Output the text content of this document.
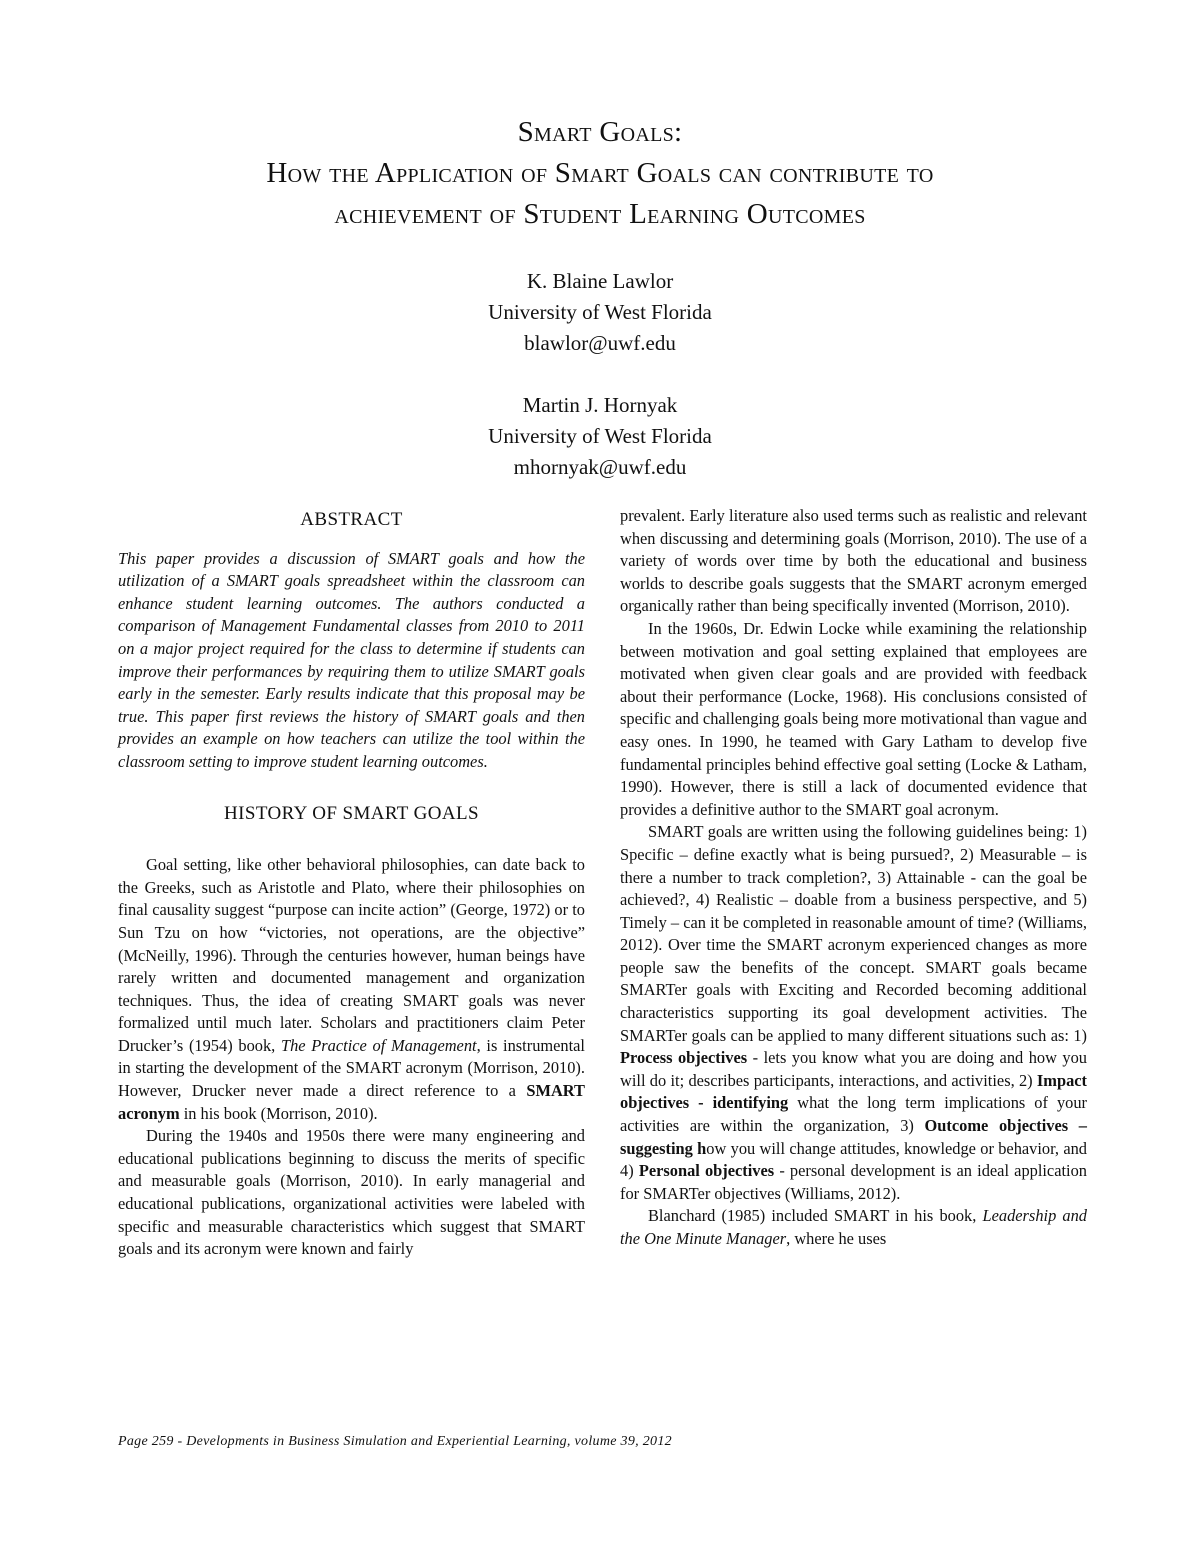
Smart Goals:
How the Application of Smart Goals can contribute to
achievement of Student Learning Outcomes
K. Blaine Lawlor
University of West Florida
blawlor@uwf.edu
Martin J. Hornyak
University of West Florida
mhornyak@uwf.edu
ABSTRACT

This paper provides a discussion of SMART goals and how the utilization of a SMART goals spreadsheet within the classroom can enhance student learning outcomes. The authors conducted a comparison of Management Fundamental classes from 2010 to 2011 on a major project required for the class to determine if students can improve their performances by requiring them to utilize SMART goals early in the semester. Early results indicate that this proposal may be true. This paper first reviews the history of SMART goals and then provides an example on how teachers can utilize the tool within the classroom setting to improve student learning outcomes.

HISTORY OF SMART GOALS

Goal setting, like other behavioral philosophies, can date back to the Greeks, such as Aristotle and Plato, where their philosophies on final causality suggest “purpose can incite action” (George, 1972) or to Sun Tzu on how “victories, not operations, are the objective” (McNeilly, 1996). Through the centuries however, human beings have rarely written and documented management and organization techniques. Thus, the idea of creating SMART goals was never formalized until much later. Scholars and practitioners claim Peter Drucker’s (1954) book, The Practice of Management, is instrumental in starting the development of the SMART acronym (Morrison, 2010). However, Drucker never made a direct reference to a SMART acronym in his book (Morrison, 2010).

During the 1940s and 1950s there were many engineering and educational publications beginning to discuss the merits of specific and measurable goals (Morrison, 2010). In early managerial and educational publications, organizational activities were labeled with specific and measurable characteristics which suggest that SMART goals and its acronym were known and fairly

prevalent. Early literature also used terms such as realistic and relevant when discussing and determining goals (Morrison, 2010). The use of a variety of words over time by both the educational and business worlds to describe goals suggests that the SMART acronym emerged organically rather than being specifically invented (Morrison, 2010).

In the 1960s, Dr. Edwin Locke while examining the relationship between motivation and goal setting explained that employees are motivated when given clear goals and are provided with feedback about their performance (Locke, 1968). His conclusions consisted of specific and challenging goals being more motivational than vague and easy ones. In 1990, he teamed with Gary Latham to develop five fundamental principles behind effective goal setting (Locke & Latham, 1990). However, there is still a lack of documented evidence that provides a definitive author to the SMART goal acronym.

SMART goals are written using the following guidelines being: 1) Specific – define exactly what is being pursued?, 2) Measurable – is there a number to track completion?, 3) Attainable - can the goal be achieved?, 4) Realistic – doable from a business perspective, and 5) Timely – can it be completed in reasonable amount of time? (Williams, 2012). Over time the SMART acronym experienced changes as more people saw the benefits of the concept. SMART goals became SMARTer goals with Exciting and Recorded becoming additional characteristics supporting its goal development activities. The SMARTer goals can be applied to many different situations such as: 1) Process objectives - lets you know what you are doing and how you will do it; describes participants, interactions, and activities, 2) Impact objectives - identifying what the long term implications of your activities are within the organization, 3) Outcome objectives – suggesting how you will change attitudes, knowledge or behavior, and 4) Personal objectives - personal development is an ideal application for SMARTer objectives (Williams, 2012).

Blanchard (1985) included SMART in his book, Leadership and the One Minute Manager, where he uses

Page 259 - Developments in Business Simulation and Experiential Learning, volume 39, 2012
